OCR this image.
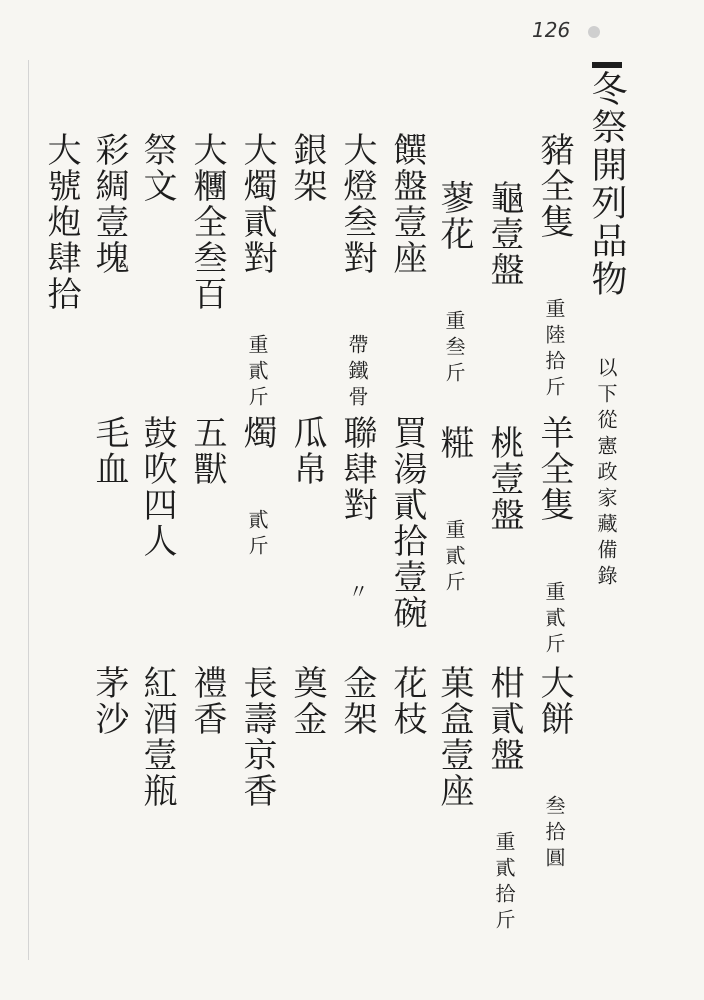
126
冬祭開列品物 以下從憲政家藏備錄
豬全隻 重陸拾斤
龜壹盤
蓼花 重叁斤
饌盤壹座
大燈叁對 帶鐵骨
銀架
大燭貳對 重貳斤
大糰全叁百
祭文
彩綢壹塊
大號炮肆拾
羊全隻 重貳斤
桃壹盤
糚 重貳斤
買湯貳拾壹碗
聯肆對 〃
瓜帛
燭 貳斤
五獸
鼓吹四人
毛血
大餅 叁拾圓
柑貳盤 重貳拾斤
菓盒壹座
花枝
金架
奠金
長壽京香
禮香
紅酒壹瓶
茅沙
